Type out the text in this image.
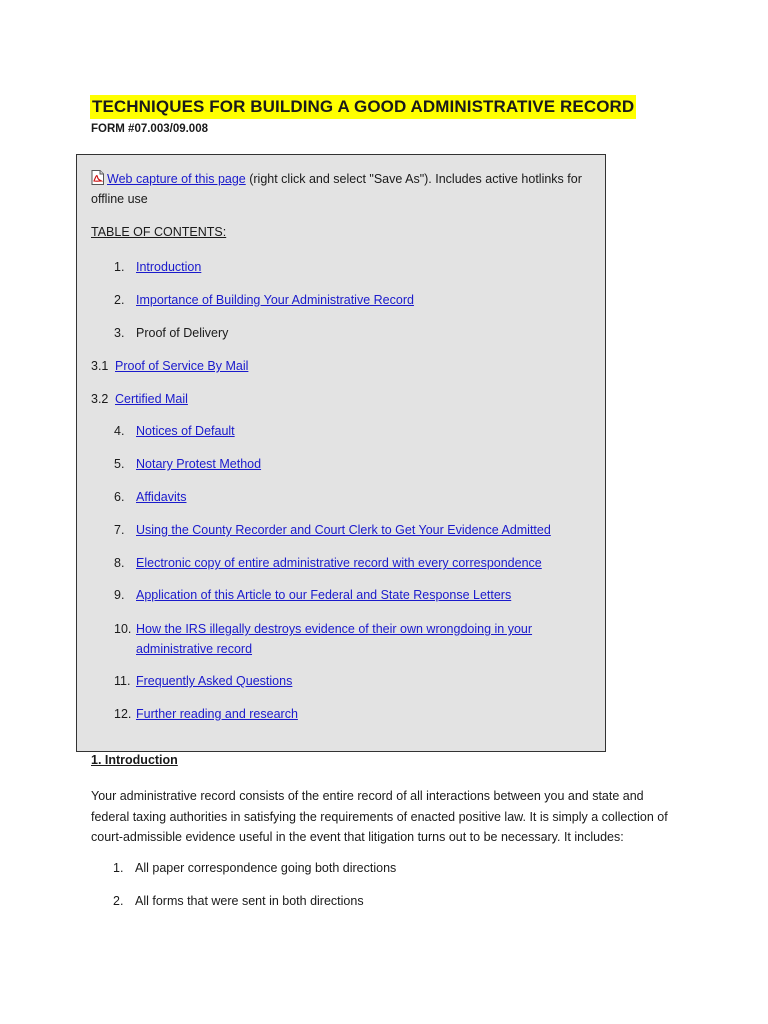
TECHNIQUES FOR BUILDING A GOOD ADMINISTRATIVE RECORD
FORM #07.003/09.008
Web capture of this page (right click and select "Save As"). Includes active hotlinks for offline use
TABLE OF CONTENTS:
1. Introduction
2. Importance of Building Your Administrative Record
3. Proof of Delivery
3.1 Proof of Service By Mail
3.2 Certified Mail
4. Notices of Default
5. Notary Protest Method
6. Affidavits
7. Using the County Recorder and Court Clerk to Get Your Evidence Admitted
8. Electronic copy of entire administrative record with every correspondence
9. Application of this Article to our Federal and State Response Letters
10. How the IRS illegally destroys evidence of their own wrongdoing in your
administrative record
11. Frequently Asked Questions
12. Further reading and research
1. Introduction
Your administrative record consists of the entire record of all interactions between you and state and federal taxing authorities in satisfying the requirements of enacted positive law. It is simply a collection of court-admissible evidence useful in the event that litigation turns out to be necessary. It includes:
1. All paper correspondence going both directions
2. All forms that were sent in both directions
